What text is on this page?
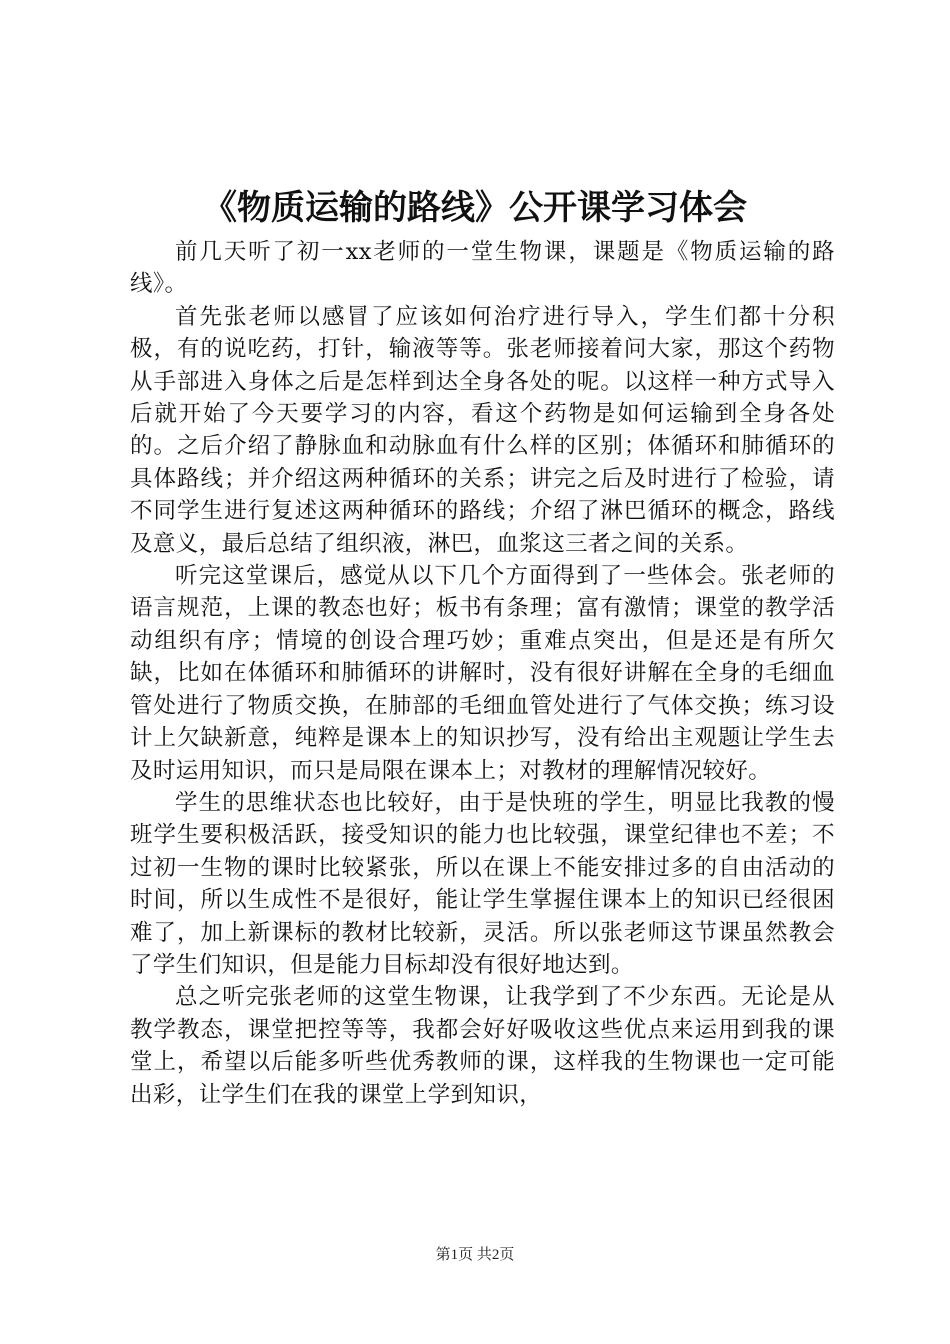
《物质运输的路线》公开课学习体会

前几天听了初一xx老师的一堂生物课，课题是《物质运输的路线》。

首先张老师以感冒了应该如何治疗进行导入，学生们都十分积极，有的说吃药，打针，输液等等。张老师接着问大家，那这个药物从手部进入身体之后是怎样到达全身各处的呢。以这样一种方式导入后就开始了今天要学习的内容，看这个药物是如何运输到全身各处的。之后介绍了静脉血和动脉血有什么样的区别；体循环和肺循环的具体路线；并介绍这两种循环的关系；讲完之后及时进行了检验，请不同学生进行复述这两种循环的路线；介绍了淋巴循环的概念，路线及意义，最后总结了组织液，淋巴，血浆这三者之间的关系。

听完这堂课后，感觉从以下几个方面得到了一些体会。张老师的语言规范，上课的教态也好；板书有条理；富有激情；课堂的教学活动组织有序；情境的创设合理巧妙；重难点突出，但是还是有所欠缺，比如在体循环和肺循环的讲解时，没有很好讲解在全身的毛细血管处进行了物质交换，在肺部的毛细血管处进行了气体交换；练习设计上欠缺新意，纯粹是课本上的知识抄写，没有给出主观题让学生去及时运用知识，而只是局限在课本上；对教材的理解情况较好。

学生的思维状态也比较好，由于是快班的学生，明显比我教的慢班学生要积极活跃，接受知识的能力也比较强，课堂纪律也不差；不过初一生物的课时比较紧张，所以在课上不能安排过多的自由活动的时间，所以生成性不是很好，能让学生掌握住课本上的知识已经很困难了，加上新课标的教材比较新，灵活。所以张老师这节课虽然教会了学生们知识，但是能力目标却没有很好地达到。

总之听完张老师的这堂生物课，让我学到了不少东西。无论是从教学教态，课堂把控等等，我都会好好吸收这些优点来运用到我的课堂上，希望以后能多听些优秀教师的课，这样我的生物课也一定可能出彩，让学生们在我的课堂上学到知识，

第1页 共2页
